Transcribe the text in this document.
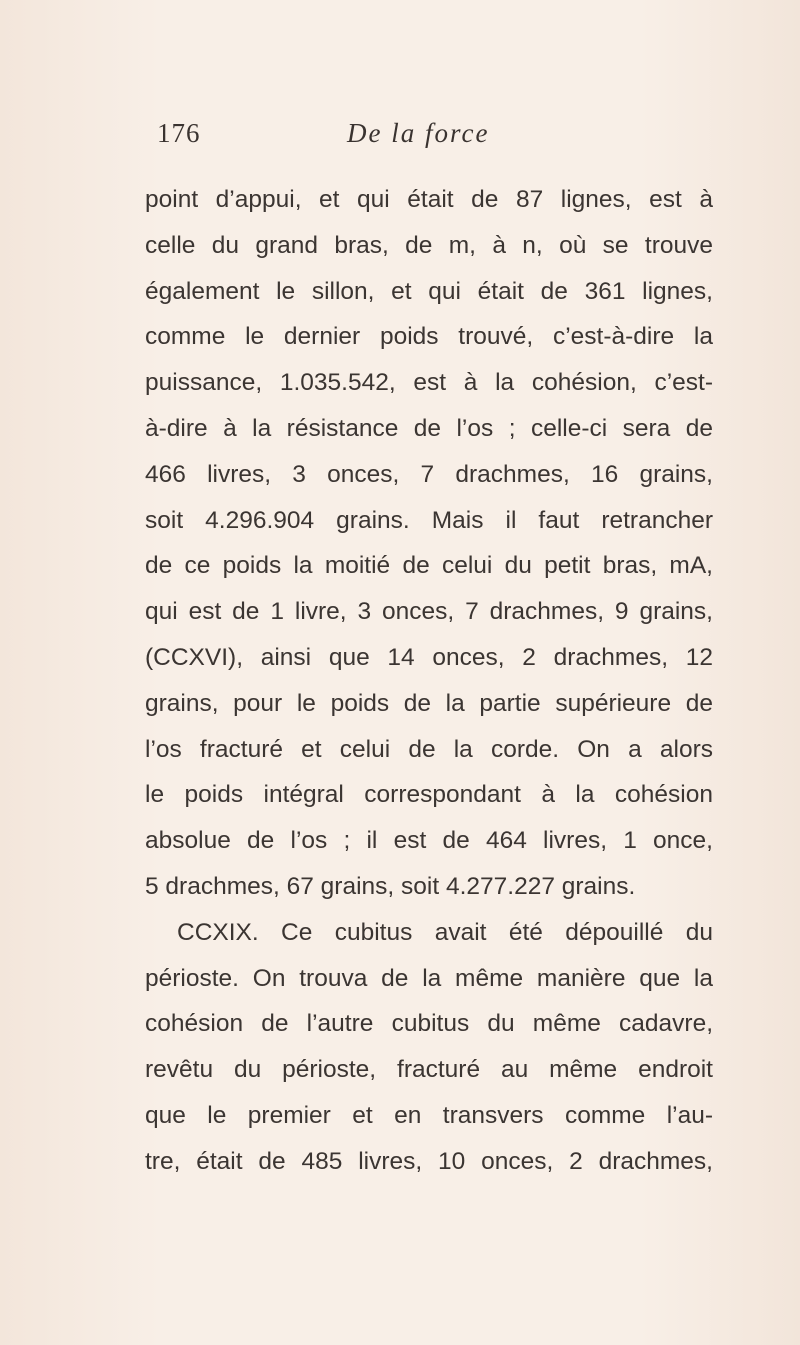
176	De la force
point d’appui, et qui était de 87 lignes, est à
celle du grand bras, de m, à n, où se trouve
également le sillon, et qui était de 361 lignes,
comme le dernier poids trouvé, c’est-à-dire la
puissance, 1.035.542, est à la cohésion, c’est-
à-dire à la résistance de l’os ; celle-ci sera de
466 livres, 3 onces, 7 drachmes, 16 grains,
soit 4.296.904 grains. Mais il faut retrancher
de ce poids la moitié de celui du petit bras, mA,
qui est de 1 livre, 3 onces, 7 drachmes, 9 grains,
(CCXVI), ainsi que 14 onces, 2 drachmes, 12
grains, pour le poids de la partie supérieure de
l’os fracturé et celui de la corde. On a alors
le poids intégral correspondant à la cohésion
absolue de l’os ; il est de 464 livres, 1 once,
5 drachmes, 67 grains, soit 4.277.227 grains.
CCXIX. Ce cubitus avait été dépouillé du
périoste. On trouva de la même manière que la
cohésion de l’autre cubitus du même cadavre,
revêtu du périoste, fracturé au même endroit
que le premier et en transvers comme l’au-
tre, était de 485 livres, 10 onces, 2 drachmes,
